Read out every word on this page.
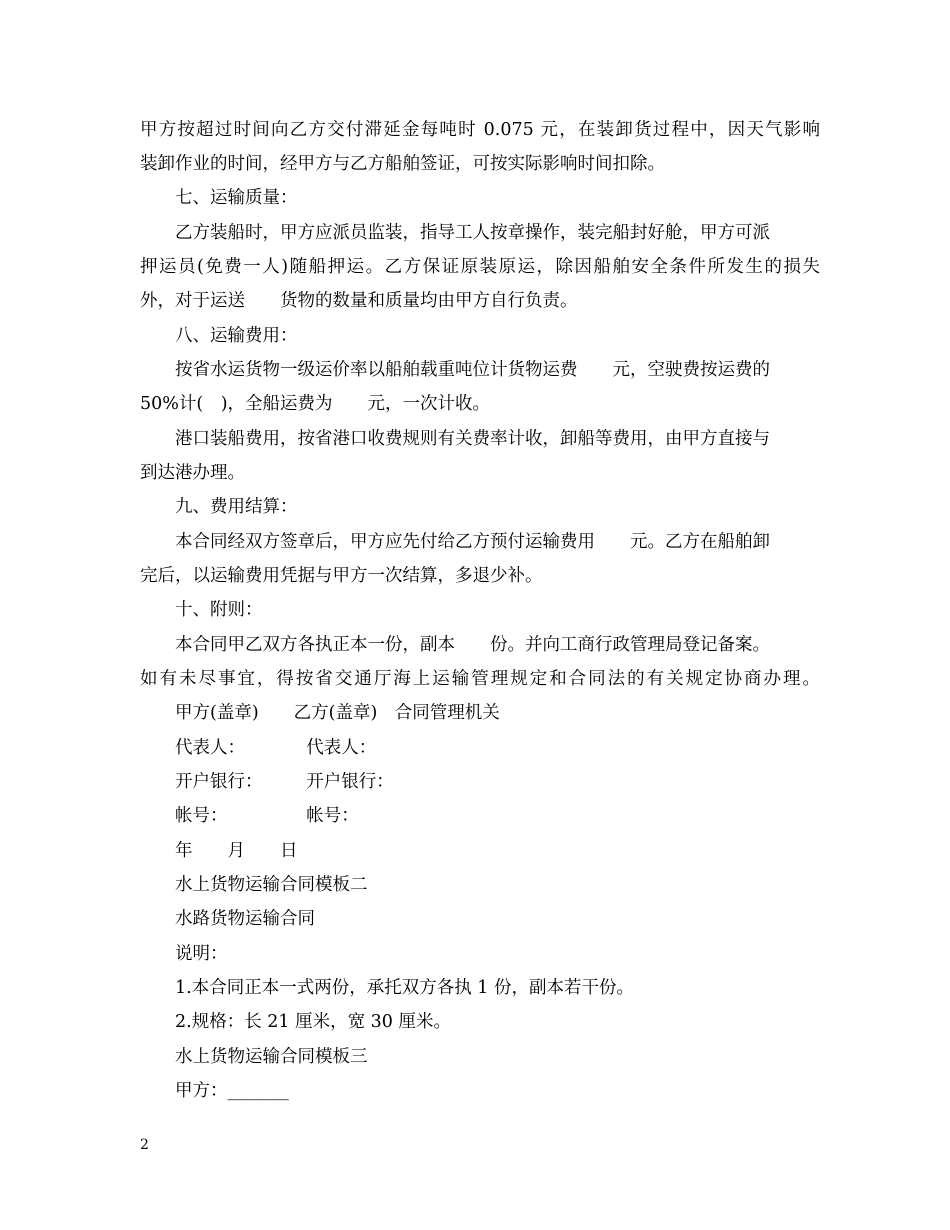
甲方按超过时间向乙方交付滞延金每吨时 0.075 元，在装卸货过程中，因天气影响
装卸作业的时间，经甲方与乙方船舶签证，可按实际影响时间扣除。
七、运输质量：
乙方装船时，甲方应派员监装，指导工人按章操作，装完船封好舱，甲方可派
押运员(免费一人)随船押运。乙方保证原装原运，除因船舶安全条件所发生的损失
外，对于运送　　货物的数量和质量均由甲方自行负责。
八、运输费用：
按省水运货物一级运价率以船舶载重吨位计货物运费　　元，空驶费按运费的
50%计(　)，全船运费为　　元，一次计收。
港口装船费用，按省港口收费规则有关费率计收，卸船等费用，由甲方直接与
到达港办理。
九、费用结算：
本合同经双方签章后，甲方应先付给乙方预付运输费用　　元。乙方在船舶卸
完后，以运输费用凭据与甲方一次结算，多退少补。
十、附则：
本合同甲乙双方各执正本一份，副本　　份。并向工商行政管理局登记备案。
如有未尽事宜，得按省交通厅海上运输管理规定和合同法的有关规定协商办理。
甲方(盖章)　　乙方(盖章)　合同管理机关
代表人：　　　　代表人：
开户银行：　　　开户银行：
帐号：　　　　　帐号：
年　　月　　日
水上货物运输合同模板二
水路货物运输合同
说明：
1.本合同正本一式两份，承托双方各执 1 份，副本若干份。
2.规格：长 21 厘米，宽 30 厘米。
水上货物运输合同模板三
甲方：_______
2
